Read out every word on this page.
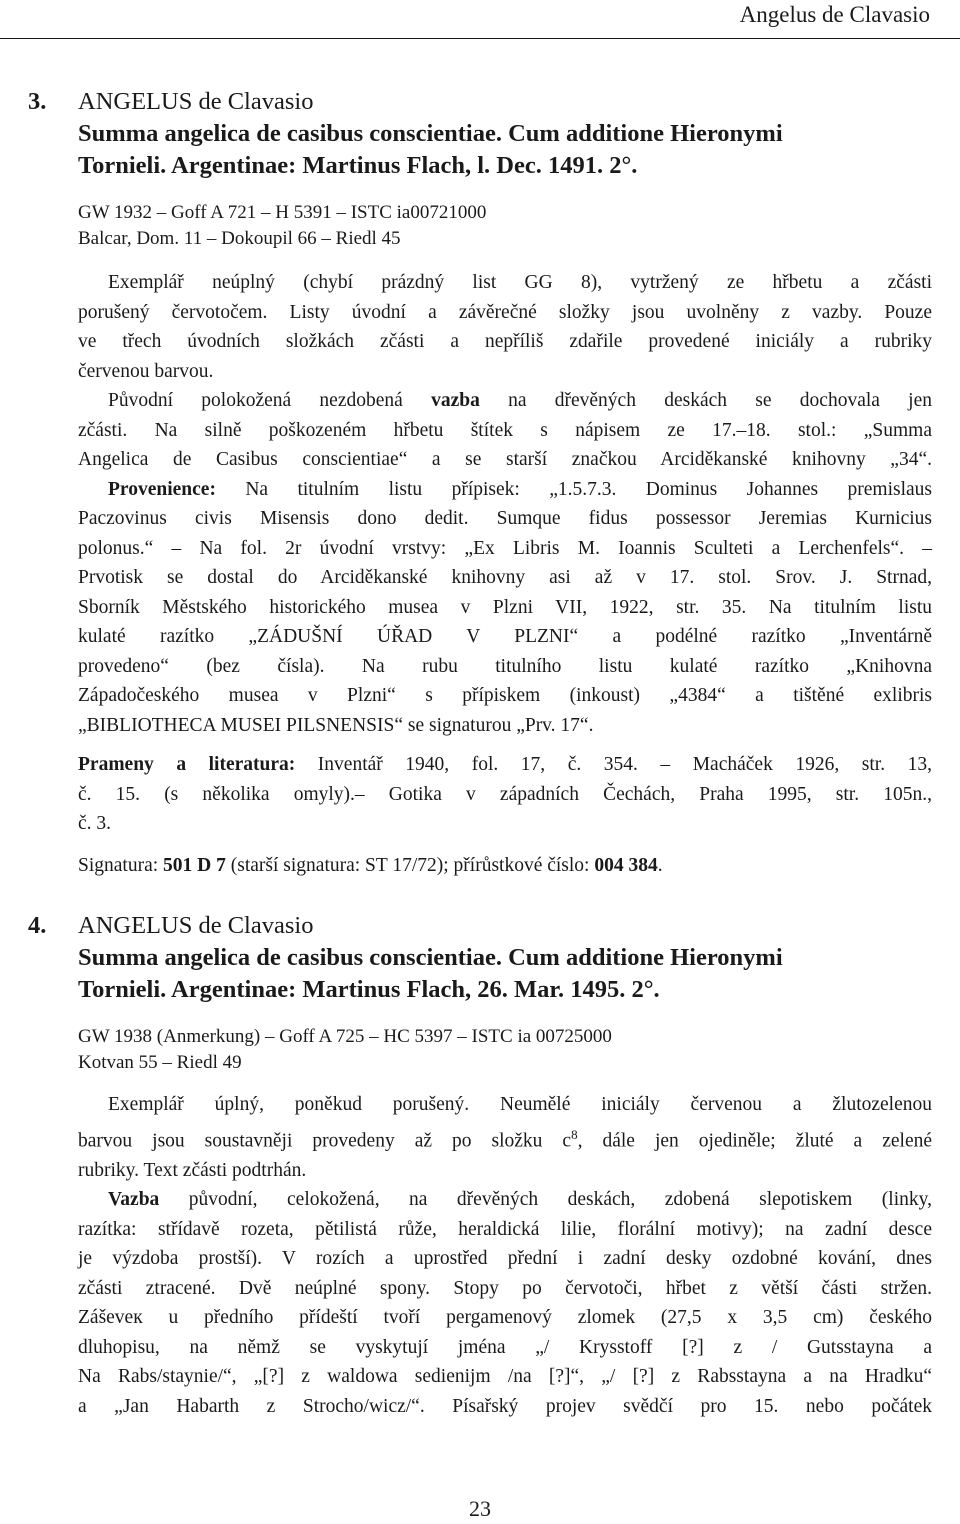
Angelus de Clavasio
3. ANGELUS de Clavasio
Summa angelica de casibus conscientiae. Cum additione Hieronymi
Tornieli. Argentinae: Martinus Flach, l. Dec. 1491. 2°.
GW 1932 – Goff A 721 – H 5391 – ISTC ia00721000
Balcar, Dom. 11 – Dokoupil 66 – Riedl 45
Exemplář neúplný (chybí prázdný list GG 8), vytržený ze hřbetu a zčásti
porušený červotočem. Listy úvodní a závěrečné složky jsou uvolněny z vazby. Pouze
ve třech úvodních složkách zčásti a nepříliš zdařile provedené iniciály a rubriky
červenou barvou.
Původní polokožená nezdobená vazba na dřevěných deskách se dochovala jen
zčásti. Na silně poškozeném hřbetu štítek s nápisem ze 17.–18. stol.: „Summa
Angelica de Casibus conscientiae“ a se starší značkou Arciděkanské knihovny „34“.
Provenience: Na titulním listu přípisek: „1.5.7.3. Dominus Johannes premislaus
Paczovinus civis Misensis dono dedit. Sumque fidus possessor Jeremias Kurnicius
polonus.“ – Na fol. 2r úvodní vrstvy: „Ex Libris M. Ioannis Sculteti a Lerchenfels“. –
Prvotisk se dostal do Arciděkanské knihovny asi až v 17. stol. Srov. J. Strnad,
Sborník Městského historického musea v Plzni VII, 1922, str. 35. Na titulním listu
kulaté razítko „ZÁDUŠNÍ ÚŘAD V PLZNI“ a podélné razítko „Inventárně
provedeno“ (bez čísla). Na rubu titulního listu kulaté razítko „Knihovna
Západočeského musea v Plzni“ s přípiskem (inkoust) „4384“ a tištěné exlibris
„BIBLIOTHECA MUSEI PILSNENSIS“ se signaturou „Prv. 17“.
Prameny a literatura: Inventář 1940, fol. 17, č. 354. – Macháček 1926, str. 13,
č. 15. (s několika omyly).– Gotika v západních Čechách, Praha 1995, str. 105n.,
č. 3.
Signatura: 501 D 7 (starší signatura: ST 17/72); přírůstkové číslo: 004 384.
4. ANGELUS de Clavasio
Summa angelica de casibus conscientiae. Cum additione Hieronymi
Tornieli. Argentinae: Martinus Flach, 26. Mar. 1495. 2°.
GW 1938 (Anmerkung) – Goff A 725 – HC 5397 – ISTC ia 00725000
Kotvan 55 – Riedl 49
Exemplář úplný, poněkud porušený. Neumělé iniciály červenou a žlutozelenou
barvou jsou soustavněji provedeny až po složku $c^8$, dále jen ojediněle; žluté a zelené
rubriky. Text zčásti podtrhán.
Vazba původní, celokožená, na dřevěných deskách, zdobená slepotiskem (linky,
razítka: střídavě rozeta, pětilistá růže, heraldická lilie, florální motivy); na zadní desce
je výzdoba prostší). V rozích a uprostřed přední i zadní desky ozdobné kování, dnes
zčásti ztracené. Dvě neúplné spony. Stopy po červotoči, hřbet z větší části stržen.
Záševeк u předního přídeští tvoří pergamenový zlomek (27,5 x 3,5 cm) českého
dluhopisu, na němž se vyskytují jména „/ Krysstoff [?] z / Gutsstayna a
Na Rabs/staynie/“, „[?] z waldowa sedienijm /na [?]“, „/ [?] z Rabsstayna a na Hradku“
a „Jan Habarth z Strocho/wicz/“. Písařský projev svědčí pro 15. nebo počátek
23
